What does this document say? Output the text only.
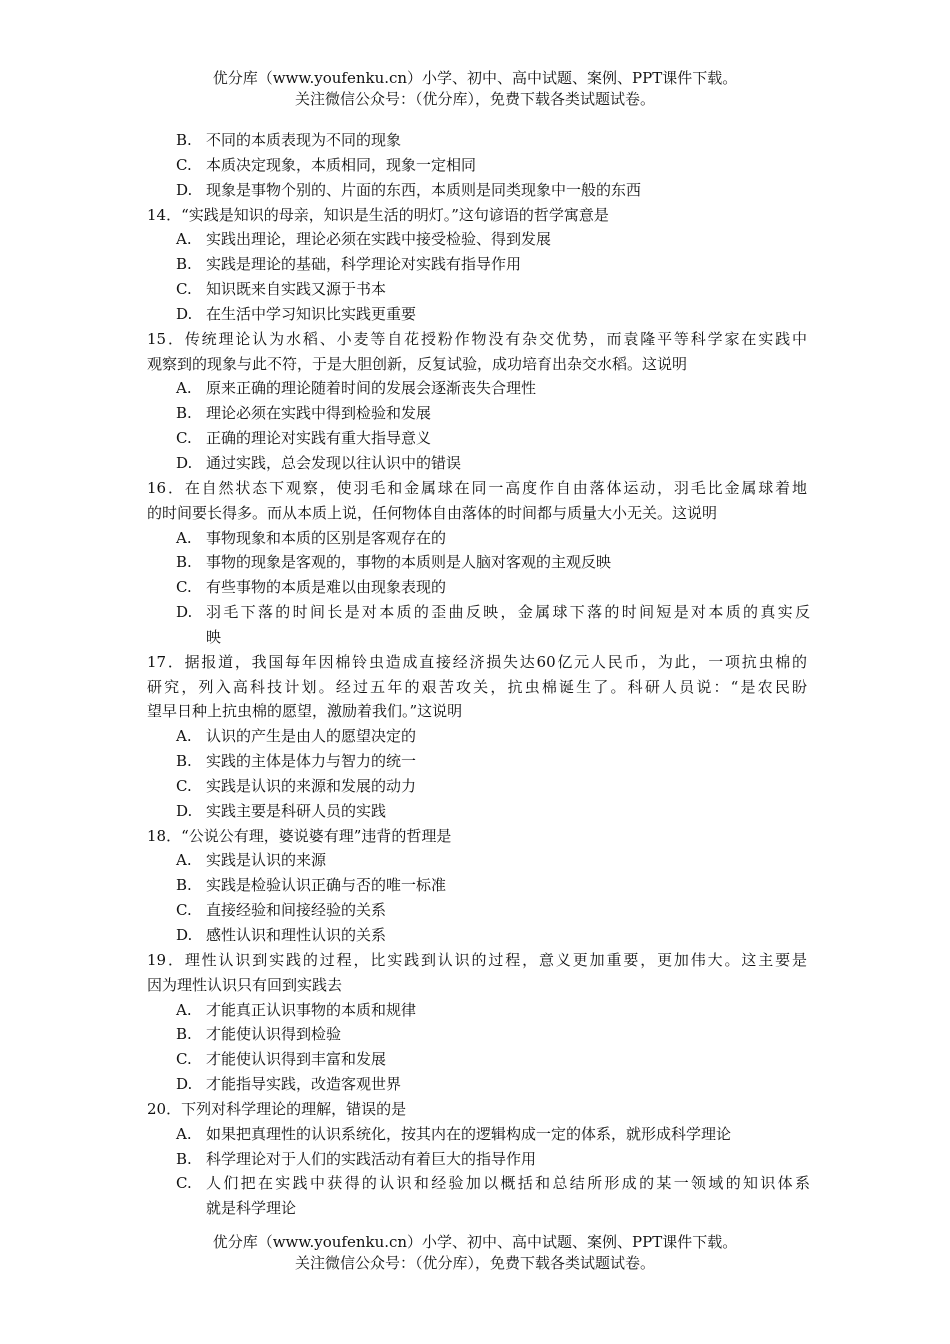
优分库（www.youfenku.cn）小学、初中、高中试题、案例、PPT课件下载。
关注微信公众号：（优分库），免费下载各类试题试卷。
B. 不同的本质表现为不同的现象
C. 本质决定现象，本质相同，现象一定相同
D. 现象是事物个别的、片面的东西，本质则是同类现象中一般的东西
14．“实践是知识的母亲，知识是生活的明灯。”这句谚语的哲学寓意是
A. 实践出理论，理论必须在实践中接受检验、得到发展
B. 实践是理论的基础，科学理论对实践有指导作用
C. 知识既来自实践又源于书本
D. 在生活中学习知识比实践更重要
15．传统理论认为水稻、小麦等自花授粉作物没有杂交优势，而袁隆平等科学家在实践中
观察到的现象与此不符，于是大胆创新，反复试验，成功培育出杂交水稻。这说明
A. 原来正确的理论随着时间的发展会逐渐丧失合理性
B. 理论必须在实践中得到检验和发展
C. 正确的理论对实践有重大指导意义
D. 通过实践，总会发现以往认识中的错误
16．在自然状态下观察，使羽毛和金属球在同一高度作自由落体运动，羽毛比金属球着地
的时间要长得多。而从本质上说，任何物体自由落体的时间都与质量大小无关。这说明
A. 事物现象和本质的区别是客观存在的
B. 事物的现象是客观的，事物的本质则是人脑对客观的主观反映
C. 有些事物的本质是难以由现象表现的
D. 羽毛下落的时间长是对本质的歪曲反映，金属球下落的时间短是对本质的真实反
映
17．据报道，我国每年因棉铃虫造成直接经济损失达60亿元人民币，为此，一项抗虫棉的
研究，列入高科技计划。经过五年的艰苦攻关，抗虫棉诞生了。科研人员说：“是农民盼
望早日种上抗虫棉的愿望，激励着我们。”这说明
A. 认识的产生是由人的愿望决定的
B. 实践的主体是体力与智力的统一
C. 实践是认识的来源和发展的动力
D. 实践主要是科研人员的实践
18．“公说公有理，婆说婆有理”违背的哲理是
A. 实践是认识的来源
B. 实践是检验认识正确与否的唯一标准
C. 直接经验和间接经验的关系
D. 感性认识和理性认识的关系
19．理性认识到实践的过程，比实践到认识的过程，意义更加重要，更加伟大。这主要是
因为理性认识只有回到实践去
A. 才能真正认识事物的本质和规律
B. 才能使认识得到检验
C. 才能使认识得到丰富和发展
D. 才能指导实践，改造客观世界
20．下列对科学理论的理解，错误的是
A. 如果把真理性的认识系统化，按其内在的逻辑构成一定的体系，就形成科学理论
B. 科学理论对于人们的实践活动有着巨大的指导作用
C. 人们把在实践中获得的认识和经验加以概括和总结所形成的某一领域的知识体系
就是科学理论
优分库（www.youfenku.cn）小学、初中、高中试题、案例、PPT课件下载。
关注微信公众号：（优分库），免费下载各类试题试卷。
